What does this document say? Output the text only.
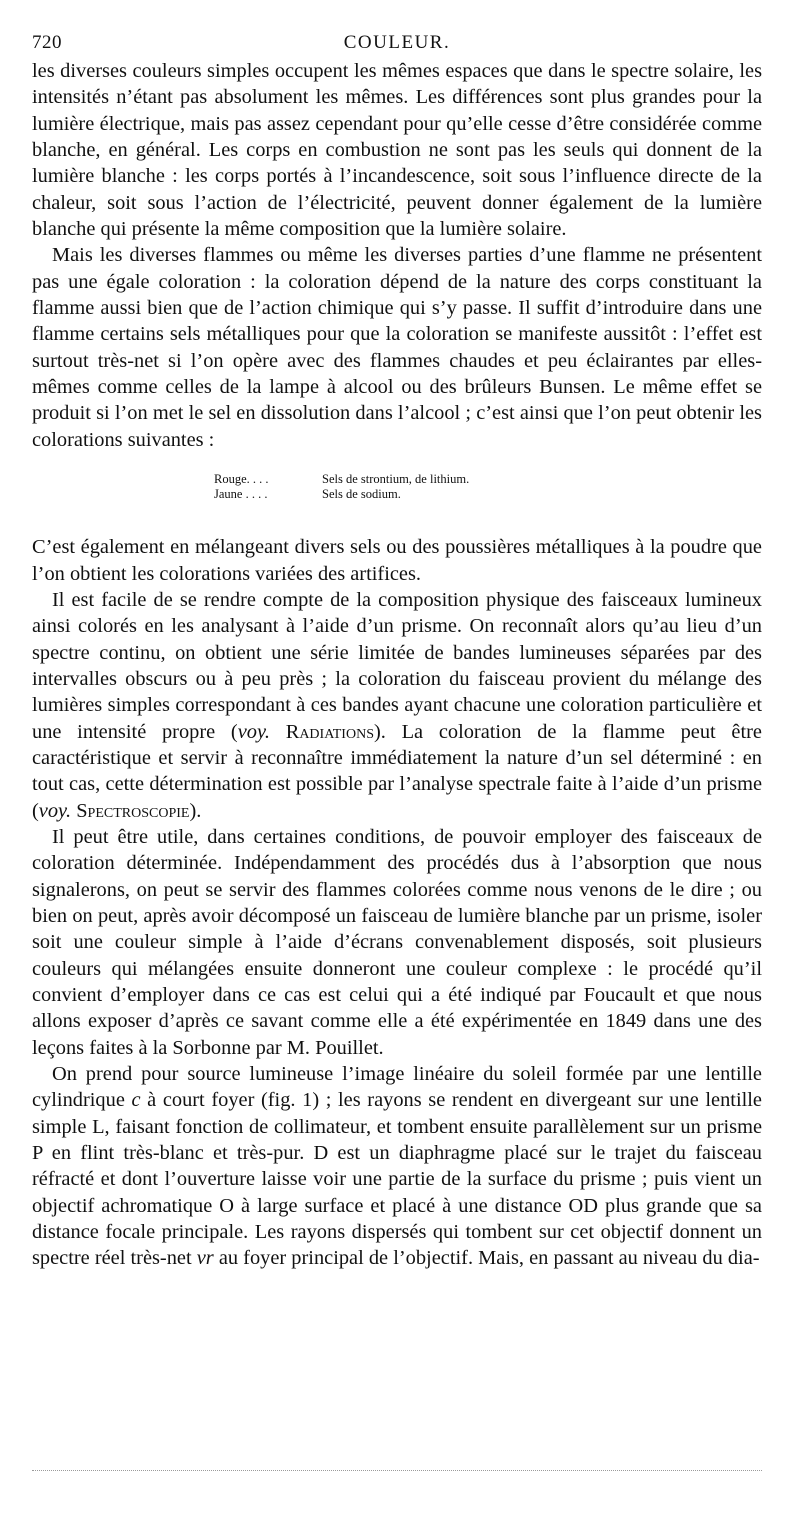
720	COULEUR.

les diverses couleurs simples occupent les mêmes espaces que dans le spectre solaire, les intensités n’étant pas absolument les mêmes. Les différences sont plus grandes pour la lumière électrique, mais pas assez cependant pour qu’elle cesse d’être considérée comme blanche, en général. Les corps en combustion ne sont pas les seuls qui donnent de la lumière blanche : les corps portés à l’incandescence, soit sous l’influence directe de la chaleur, soit sous l’action de l’électricité, peuvent donner également de la lumière blanche qui présente la même composition que la lumière solaire.

Mais les diverses flammes ou même les diverses parties d’une flamme ne présentent pas une égale coloration : la coloration dépend de la nature des corps constituant la flamme aussi bien que de l’action chimique qui s’y passe. Il suffit d’introduire dans une flamme certains sels métalliques pour que la coloration se manifeste aussitôt : l’effet est surtout très-net si l’on opère avec des flammes chaudes et peu éclairantes par elles-mêmes comme celles de la lampe à alcool ou des brûleurs Bunsen. Le même effet se produit si l’on met le sel en dissolution dans l’alcool ; c’est ainsi que l’on peut obtenir les colorations suivantes :

Rouge. . . .	Sels de strontium, de lithium.
Jaune . . . .	Sels de sodium.

C’est également en mélangeant divers sels ou des poussières métalliques à la poudre que l’on obtient les colorations variées des artifices.

Il est facile de se rendre compte de la composition physique des faisceaux lumineux ainsi colorés en les analysant à l’aide d’un prisme. On reconnaît alors qu’au lieu d’un spectre continu, on obtient une série limitée de bandes lumineuses séparées par des intervalles obscurs ou à peu près ; la coloration du faisceau provient du mélange des lumières simples correspondant à ces bandes ayant chacune une coloration particulière et une intensité propre (voy. Radiations). La coloration de la flamme peut être caractéristique et servir à reconnaître immédiatement la nature d’un sel déterminé : en tout cas, cette détermination est possible par l’analyse spectrale faite à l’aide d’un prisme (voy. Spectroscopie).

Il peut être utile, dans certaines conditions, de pouvoir employer des faisceaux de coloration déterminée. Indépendamment des procédés dus à l’absorption que nous signalerons, on peut se servir des flammes colorées comme nous venons de le dire ; ou bien on peut, après avoir décomposé un faisceau de lumière blanche par un prisme, isoler soit une couleur simple à l’aide d’écrans convenablement disposés, soit plusieurs couleurs qui mélangées ensuite donneront une couleur complexe : le procédé qu’il convient d’employer dans ce cas est celui qui a été indiqué par Foucault et que nous allons exposer d’après ce savant comme elle a été expérimentée en 1849 dans une des leçons faites à la Sorbonne par M. Pouillet.

On prend pour source lumineuse l’image linéaire du soleil formée par une lentille cylindrique c à court foyer (fig. 1) ; les rayons se rendent en divergeant sur une lentille simple L, faisant fonction de collimateur, et tombent ensuite parallèlement sur un prisme P en flint très-blanc et très-pur. D est un diaphragme placé sur le trajet du faisceau réfracté et dont l’ouverture laisse voir une partie de la surface du prisme ; puis vient un objectif achromatique O à large surface et placé à une distance OD plus grande que sa distance focale principale. Les rayons dispersés qui tombent sur cet objectif donnent un spectre réel très-net vr au foyer principal de l’objectif. Mais, en passant au niveau du dia-
